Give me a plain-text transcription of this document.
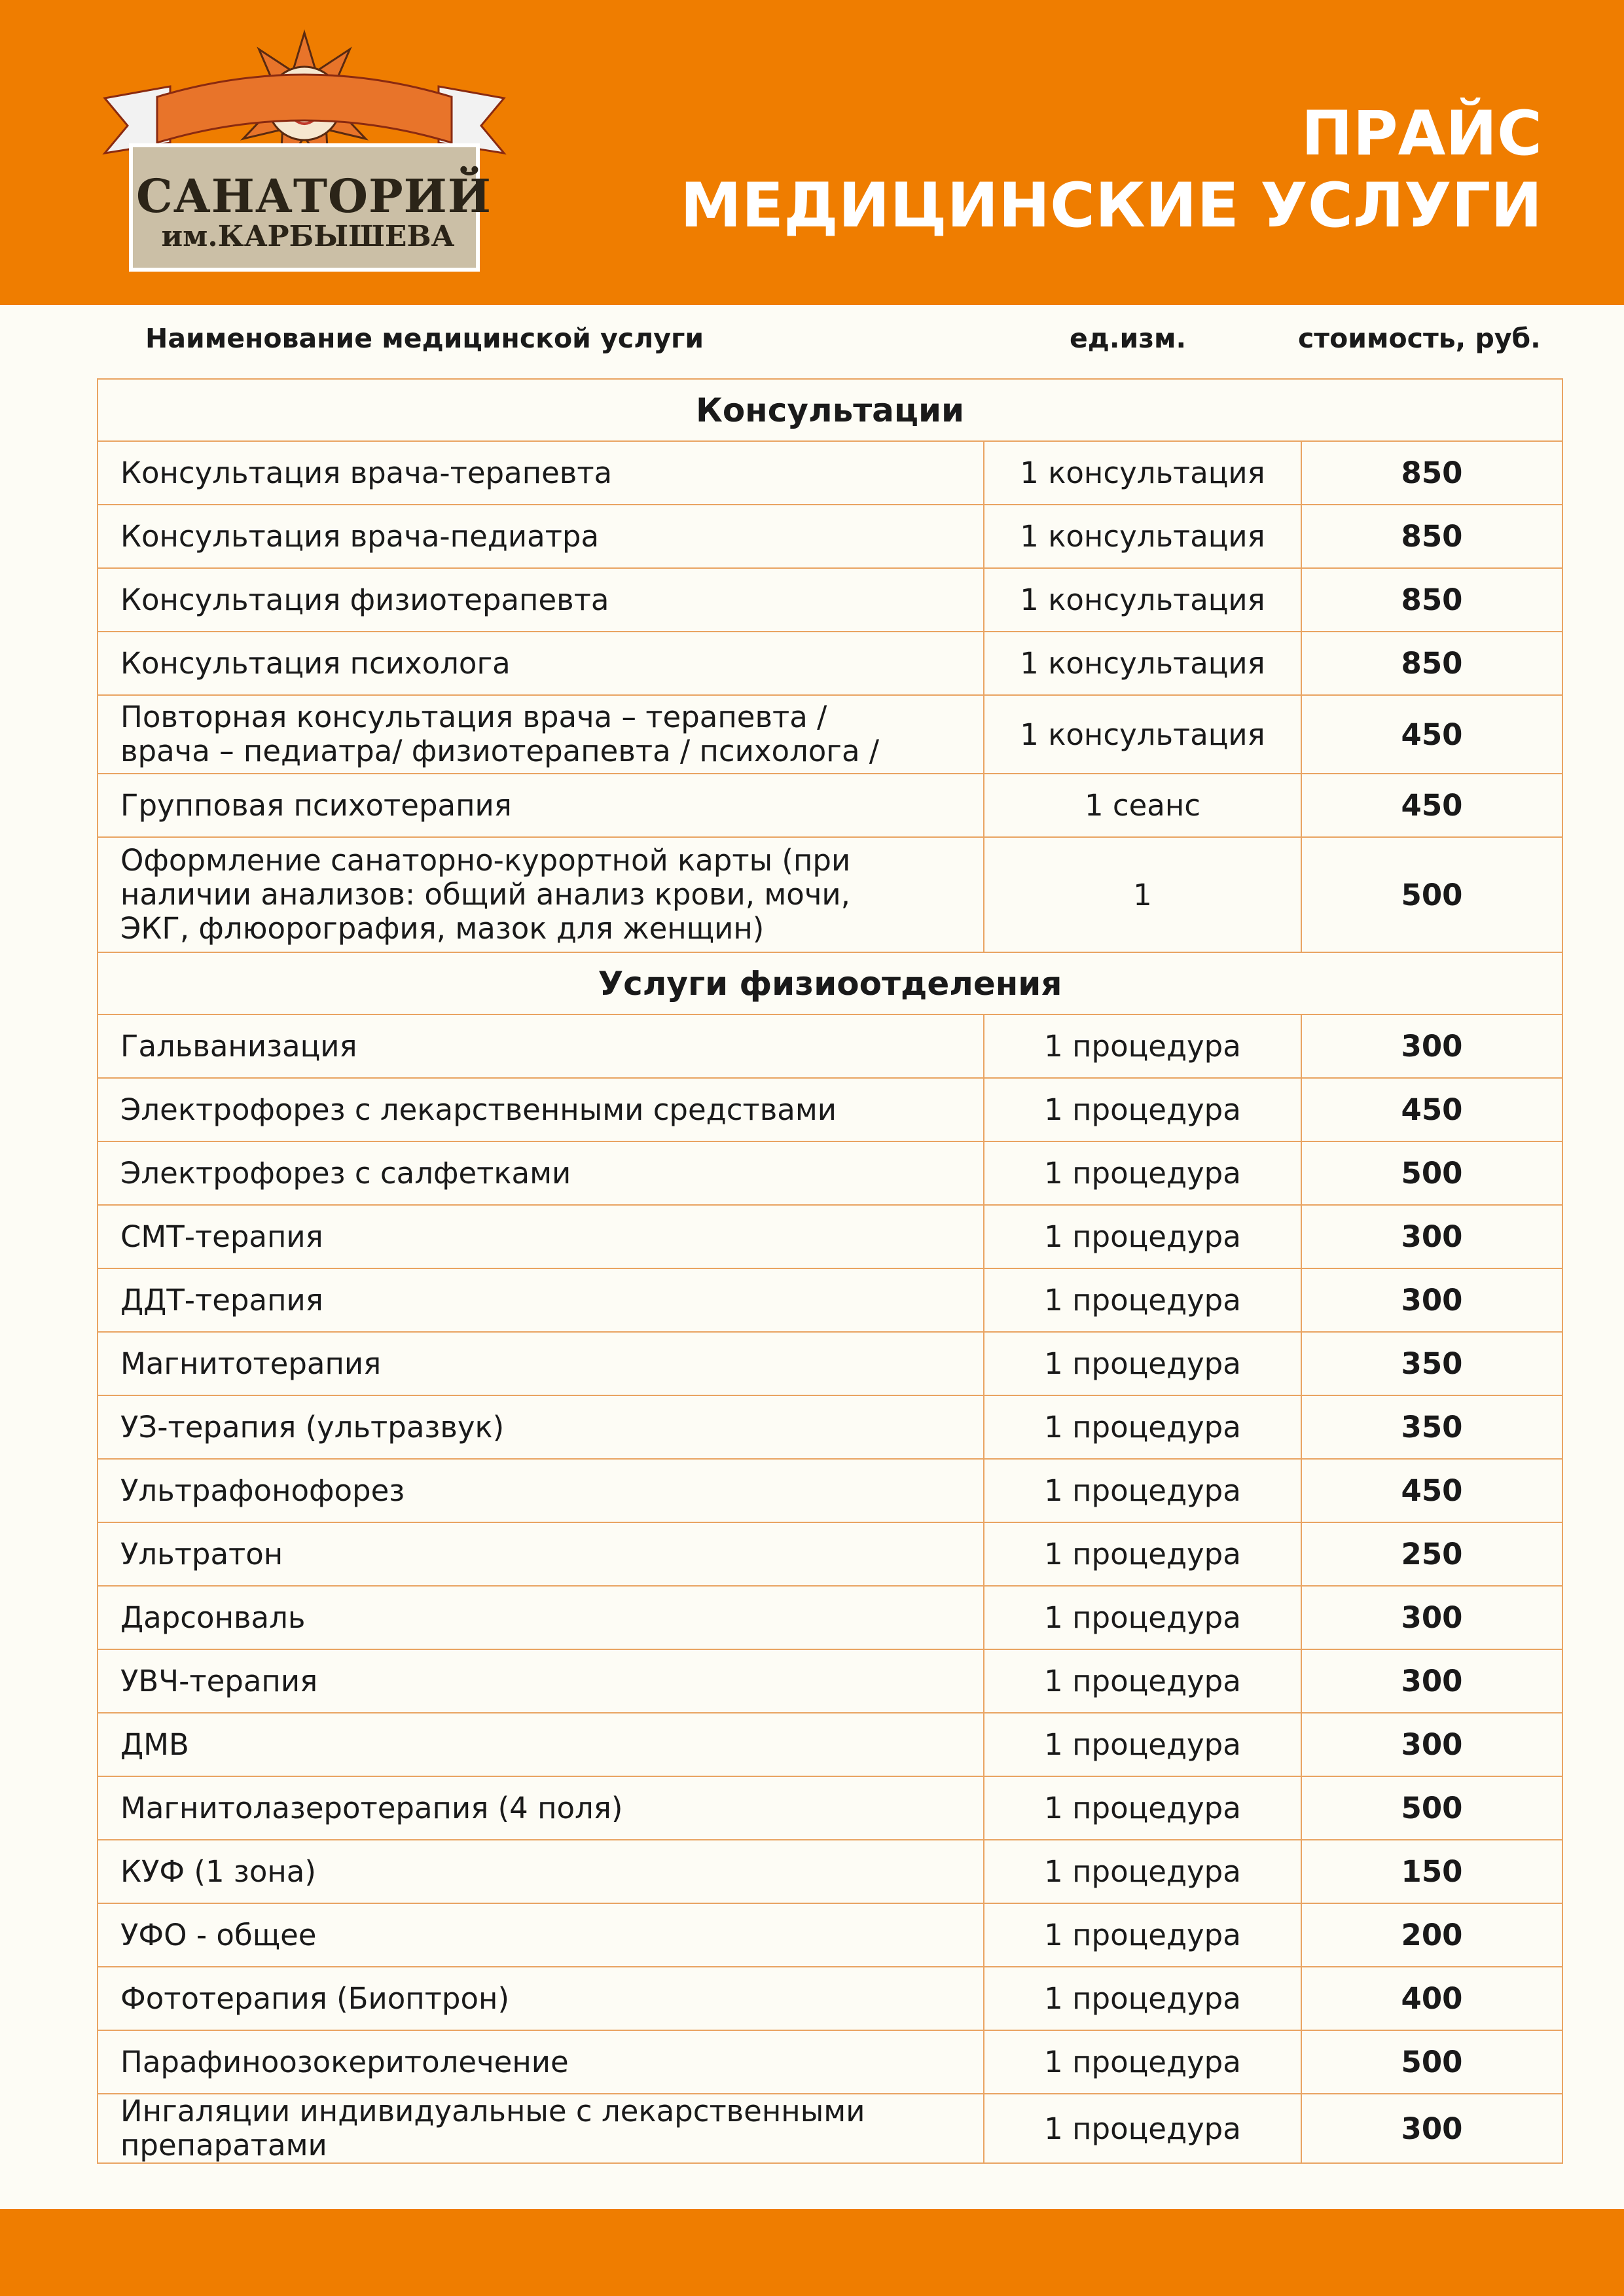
САНАТОРИЙ
им.КАРБЫШЕВА
ПРАЙС
МЕДИЦИНСКИЕ УСЛУГИ
Наименование медицинской услуги	ед.изм.	стоимость, руб.
Консультации		
Консультация врача-терапевта	1 консультация	850
Консультация врача-педиатра	1 консультация	850
Консультация физиотерапевта	1 консультация	850
Консультация психолога	1 консультация	850
Повторная консультация врача – терапевта /
врача – педиатра/ физиотерапевта / психолога /	1 консультация	450
Групповая психотерапия	1 сеанс	450
Оформление санаторно-курортной карты (при
наличии анализов: общий анализ крови, мочи,
ЭКГ, флюорография, мазок для женщин)	1	500
Услуги физиоотделения		
Гальванизация	1 процедура	300
Электрофорез с лекарственными средствами	1 процедура	450
Электрофорез с салфетками	1 процедура	500
СМТ-терапия	1 процедура	300
ДДТ-терапия	1 процедура	300
Магнитотерапия	1 процедура	350
УЗ-терапия (ультразвук)	1 процедура	350
Ультрафонофорез	1 процедура	450
Ультратон	1 процедура	250
Дарсонваль	1 процедура	300
УВЧ-терапия	1 процедура	300
ДМВ	1 процедура	300
Магнитолазеротерапия (4 поля)	1 процедура	500
КУФ (1 зона)	1 процедура	150
УФО - общее	1 процедура	200
Фототерапия (Биоптрон)	1 процедура	400
Парафиноозокеритолечение	1 процедура	500
Ингаляции индивидуальные с лекарственными
препаратами	1 процедура	300
